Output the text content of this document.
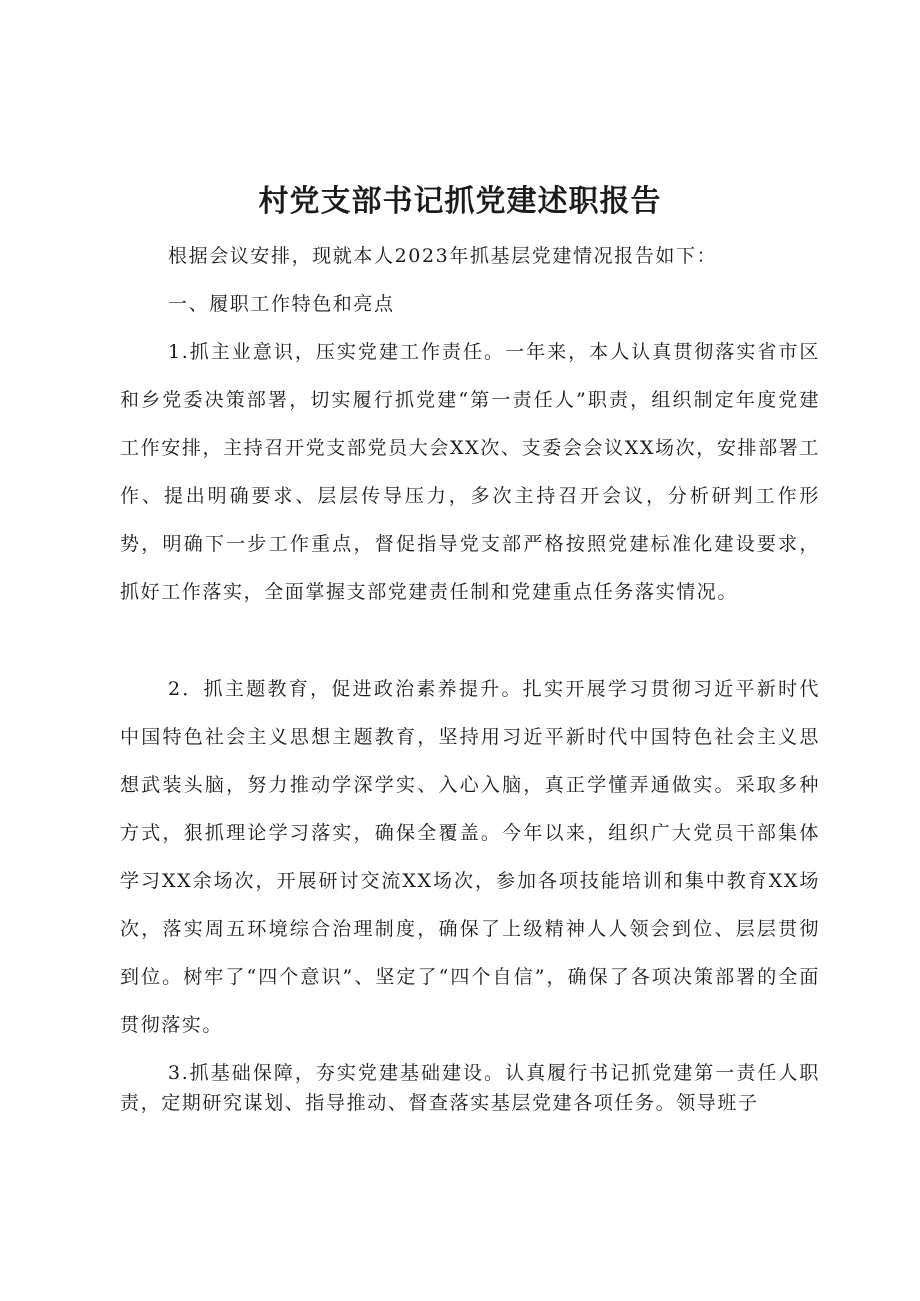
村党支部书记抓党建述职报告

根据会议安排，现就本人2023年抓基层党建情况报告如下：

一、履职工作特色和亮点

1.抓主业意识，压实党建工作责任。一年来，本人认真贯彻落实省市区和乡党委决策部署，切实履行抓党建“第一责任人”职责，组织制定年度党建工作安排，主持召开党支部党员大会XX次、支委会会议XX场次，安排部署工作、提出明确要求、层层传导压力，多次主持召开会议，分析研判工作形势，明确下一步工作重点，督促指导党支部严格按照党建标准化建设要求，抓好工作落实，全面掌握支部党建责任制和党建重点任务落实情况。

2．抓主题教育，促进政治素养提升。扎实开展学习贯彻习近平新时代中国特色社会主义思想主题教育，坚持用习近平新时代中国特色社会主义思想武装头脑，努力推动学深学实、入心入脑，真正学懂弄通做实。采取多种方式，狠抓理论学习落实，确保全覆盖。今年以来，组织广大党员干部集体学习XX余场次，开展研讨交流XX场次，参加各项技能培训和集中教育XX场次，落实周五环境综合治理制度，确保了上级精神人人领会到位、层层贯彻到位。树牢了“四个意识”、坚定了“四个自信”，确保了各项决策部署的全面贯彻落实。

3.抓基础保障，夯实党建基础建设。认真履行书记抓党建第一责任人职责，定期研究谋划、指导推动、督查落实基层党建各项任务。领导班子
